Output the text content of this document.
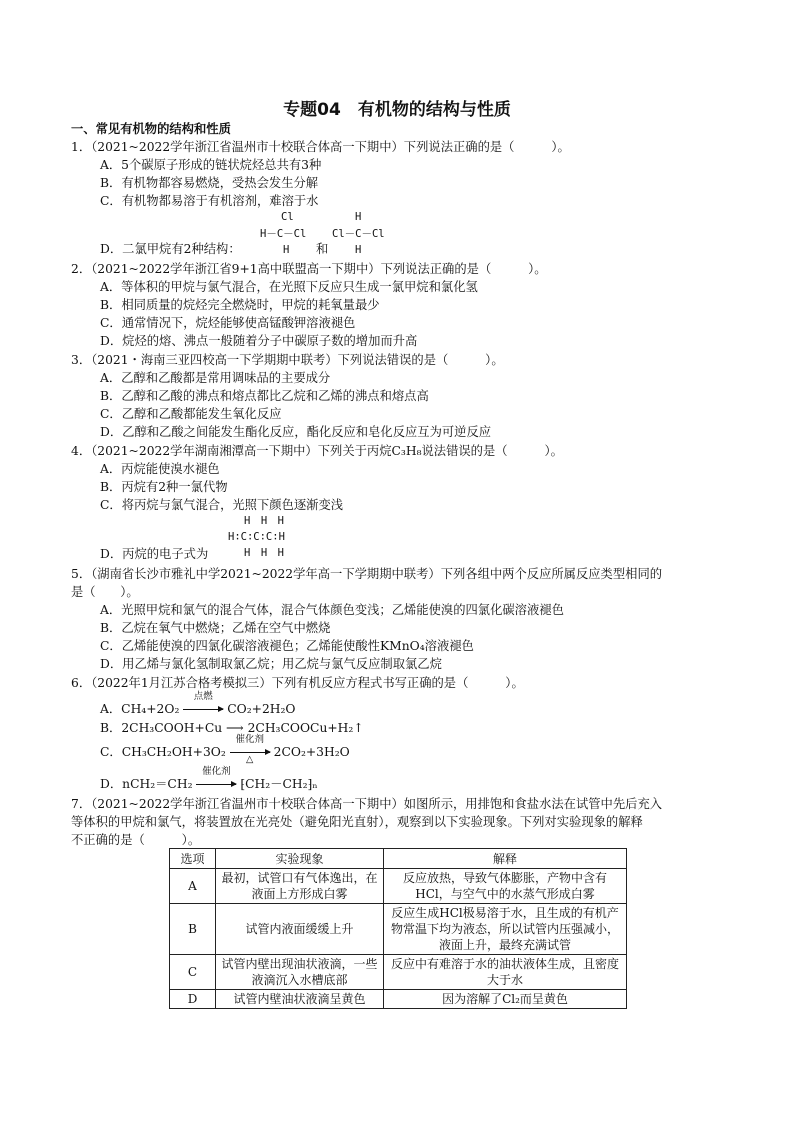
专题04　有机物的结构与性质
一、常见有机物的结构和性质
1．（2021~2022学年浙江省温州市十校联合体高一下期中）下列说法正确的是（　　　）。
A．5个碳原子形成的链状烷烃总共有3种
B．有机物都容易燃烧，受热会发生分解
C．有机物都易溶于有机溶剂，难溶于水
D．二氯甲烷有2种结构：
Cl
H－C－Cl
H 和
H
Cl－C－Cl
H
2．（2021~2022学年浙江省9+1高中联盟高一下期中）下列说法正确的是（　　　）。
A．等体积的甲烷与氯气混合，在光照下反应只生成一氯甲烷和氯化氢
B．相同质量的烷烃完全燃烧时，甲烷的耗氧量最少
C．通常情况下，烷烃能够使高锰酸钾溶液褪色
D．烷烃的熔、沸点一般随着分子中碳原子数的增加而升高
3．（2021・海南三亚四校高一下学期期中联考）下列说法错误的是（　　　）。
A．乙醇和乙酸都是常用调味品的主要成分
B．乙醇和乙酸的沸点和熔点都比乙烷和乙烯的沸点和熔点高
C．乙醇和乙酸都能发生氧化反应
D．乙醇和乙酸之间能发生酯化反应，酯化反应和皂化反应互为可逆反应
4．（2021~2022学年湖南湘潭高一下期中）下列关于丙烷C₃H₈说法错误的是（　　　）。
A．丙烷能使溴水褪色
B．丙烷有2种一氯代物
C．将丙烷与氯气混合，光照下颜色逐渐变浅
D．丙烷的电子式为
H　H　H
H∶C∶C∶C∶H
H　H　H
5．（湖南省长沙市雅礼中学2021~2022学年高一下学期期中联考）下列各组中两个反应所属反应类型相同的
是（　　）。
A．光照甲烷和氯气的混合气体，混合气体颜色变浅；乙烯能使溴的四氯化碳溶液褪色
B．乙烷在氧气中燃烧；乙烯在空气中燃烧
C．乙烯能使溴的四氯化碳溶液褪色；乙烯能使酸性KMnO₄溶液褪色
D．用乙烯与氯化氢制取氯乙烷；用乙烷与氯气反应制取氯乙烷
6．（2022年1月江苏合格考模拟三）下列有机反应方程式书写正确的是（　　　）。
A．CH₄+2O₂
点燃
CO₂+2H₂O
B．2CH₃COOH+Cu ⟶ 2CH₃COOCu+H₂↑
C．CH₃CH₂OH+3O₂
催化剂
△	2CO₂+3H₂O
D．nCH₂＝CH₂
催化剂
⁅CH₂－CH₂⁆ₙ
7．（2021~2022学年浙江省温州市十校联合体高一下期中）如图所示，用排饱和食盐水法在试管中先后充入
等体积的甲烷和氯气，将装置放在光亮处（避免阳光直射），观察到以下实验现象。下列对实验现象的解释
不正确的是（　　　）。
选项	实验现象	解释
A	最初，试管口有气体逸出，在液面上方形成白雾	反应放热，导致气体膨胀，产物中含有HCl，与空气中的水蒸气形成白雾
B	试管内液面缓缓上升	反应生成HCl极易溶于水，且生成的有机产物常温下均为液态，所以试管内压强减小，液面上升，最终充满试管
C	试管内壁出现油状液滴，一些液滴沉入水槽底部	反应中有难溶于水的油状液体生成，且密度大于水
D	试管内壁油状液滴呈黄色	因为溶解了Cl₂而呈黄色
